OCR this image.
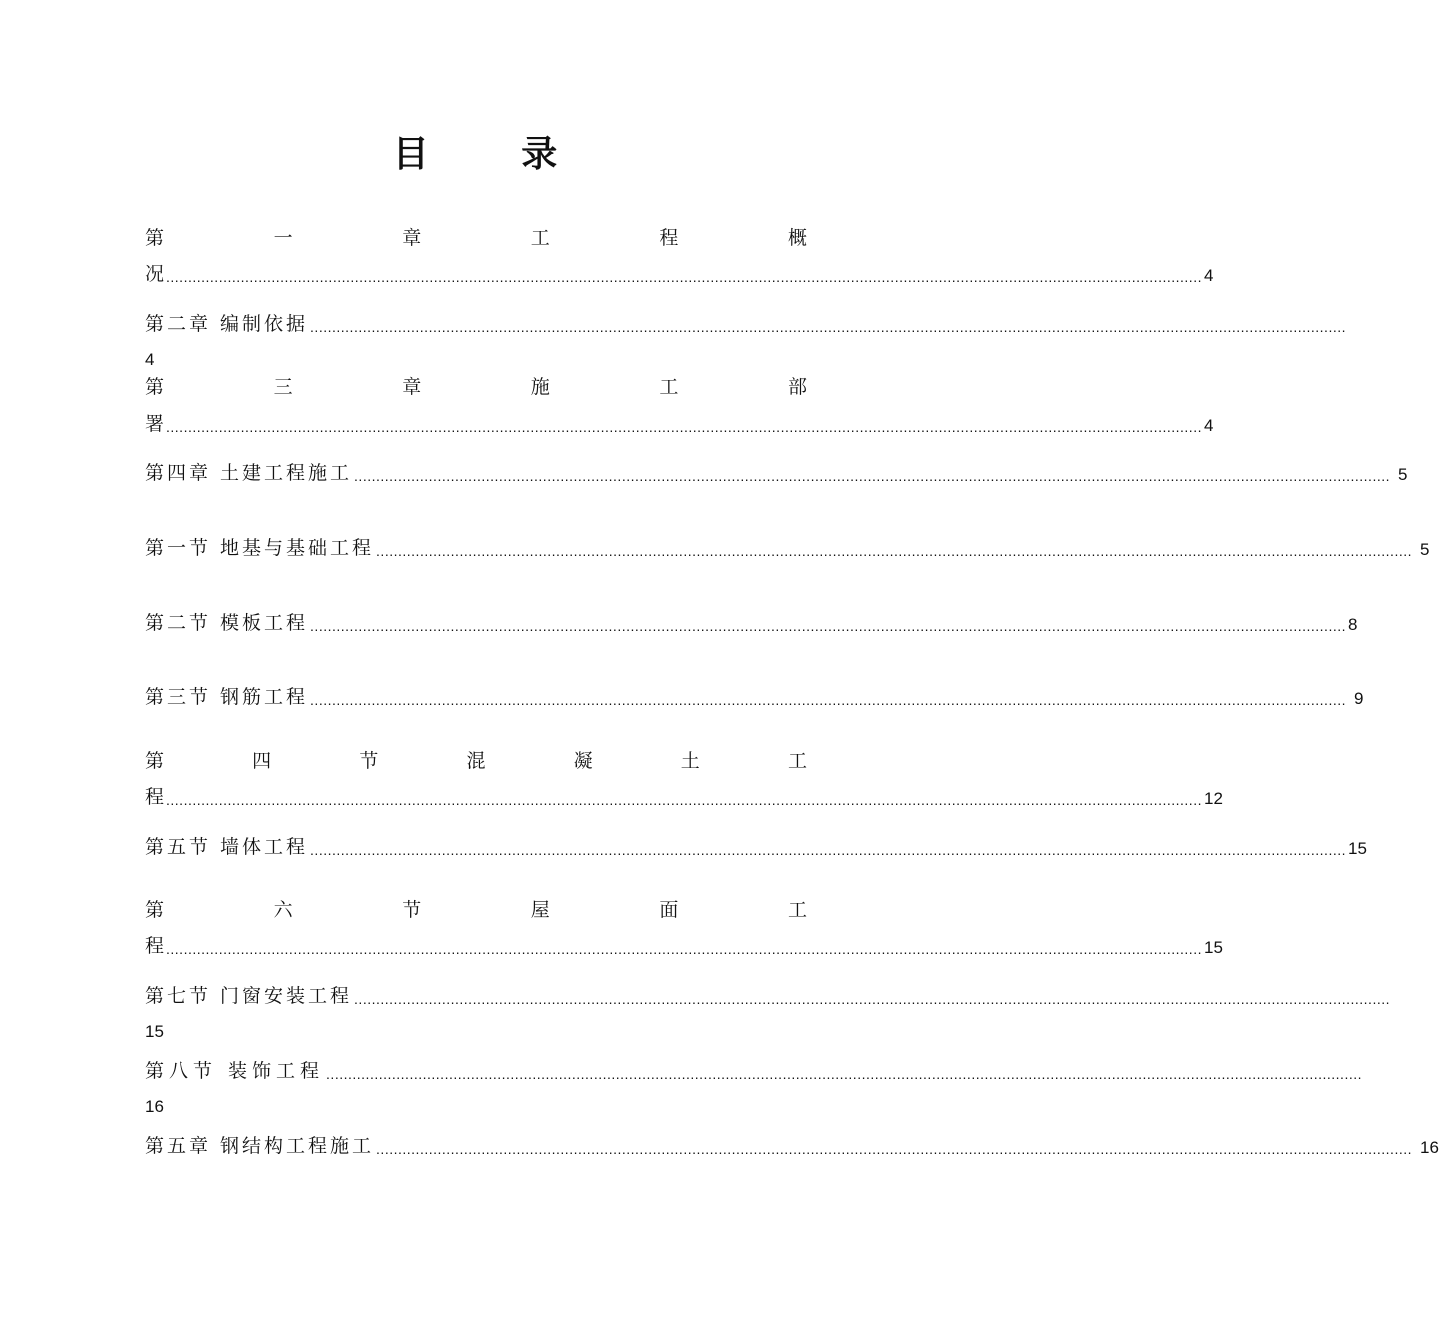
目 录
第	一	章	工	程	概
况 ............................................................................................................................................................................................................................................ 4
第二章 编制依据 ............................................................................................................................................................................................................................................
4
第	三	章	施	工	部
署 ............................................................................................................................................................................................................................................ 4
第四章 土建工程施工 ............................................................................................................................................................................................................................................ 5
第一节 地基与基础工程 ............................................................................................................................................................................................................................................ 5
第二节 模板工程 ............................................................................................................................................................................................................................................ 8
第三节 钢筋工程 ............................................................................................................................................................................................................................................ 9
第	四	节	混	凝	土	工
程 ............................................................................................................................................................................................................................................ 12
第五节 墙体工程 ............................................................................................................................................................................................................................................ 15
第	六	节	屋	面	工
程 ............................................................................................................................................................................................................................................ 15
第七节 门窗安装工程 ............................................................................................................................................................................................................................................
15
第八节 装饰工程 ............................................................................................................................................................................................................................................
16
第五章 钢结构工程施工 ............................................................................................................................................................................................................................................ 16
